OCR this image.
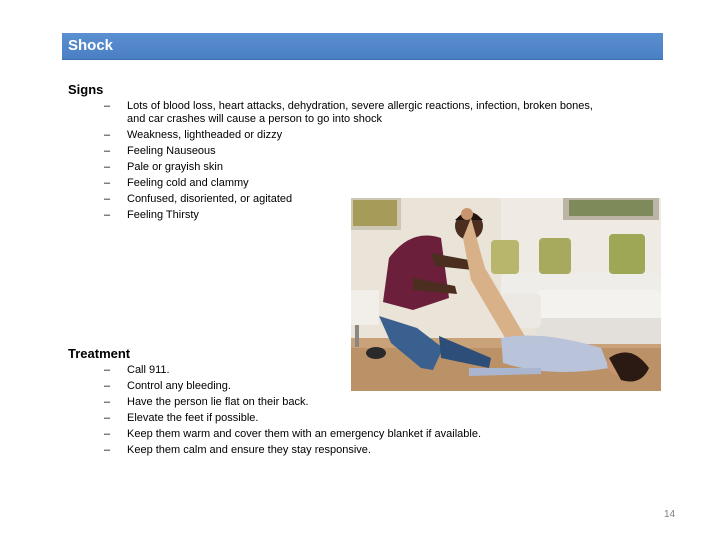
Shock
Signs
– Lots of blood loss, heart attacks, dehydration, severe allergic reactions, infection, broken bones, and car crashes will cause a person to go into shock
– Weakness, lightheaded or dizzy
– Feeling Nauseous
– Pale or grayish skin
– Feeling cold and clammy
– Confused, disoriented, or agitated
– Feeling Thirsty
Treatment
– Call 911.
– Control any bleeding.
– Have the person lie flat on their back.
– Elevate the feet if possible.
– Keep them warm and cover them with an emergency blanket if available.
– Keep them calm and ensure they stay responsive.
14
